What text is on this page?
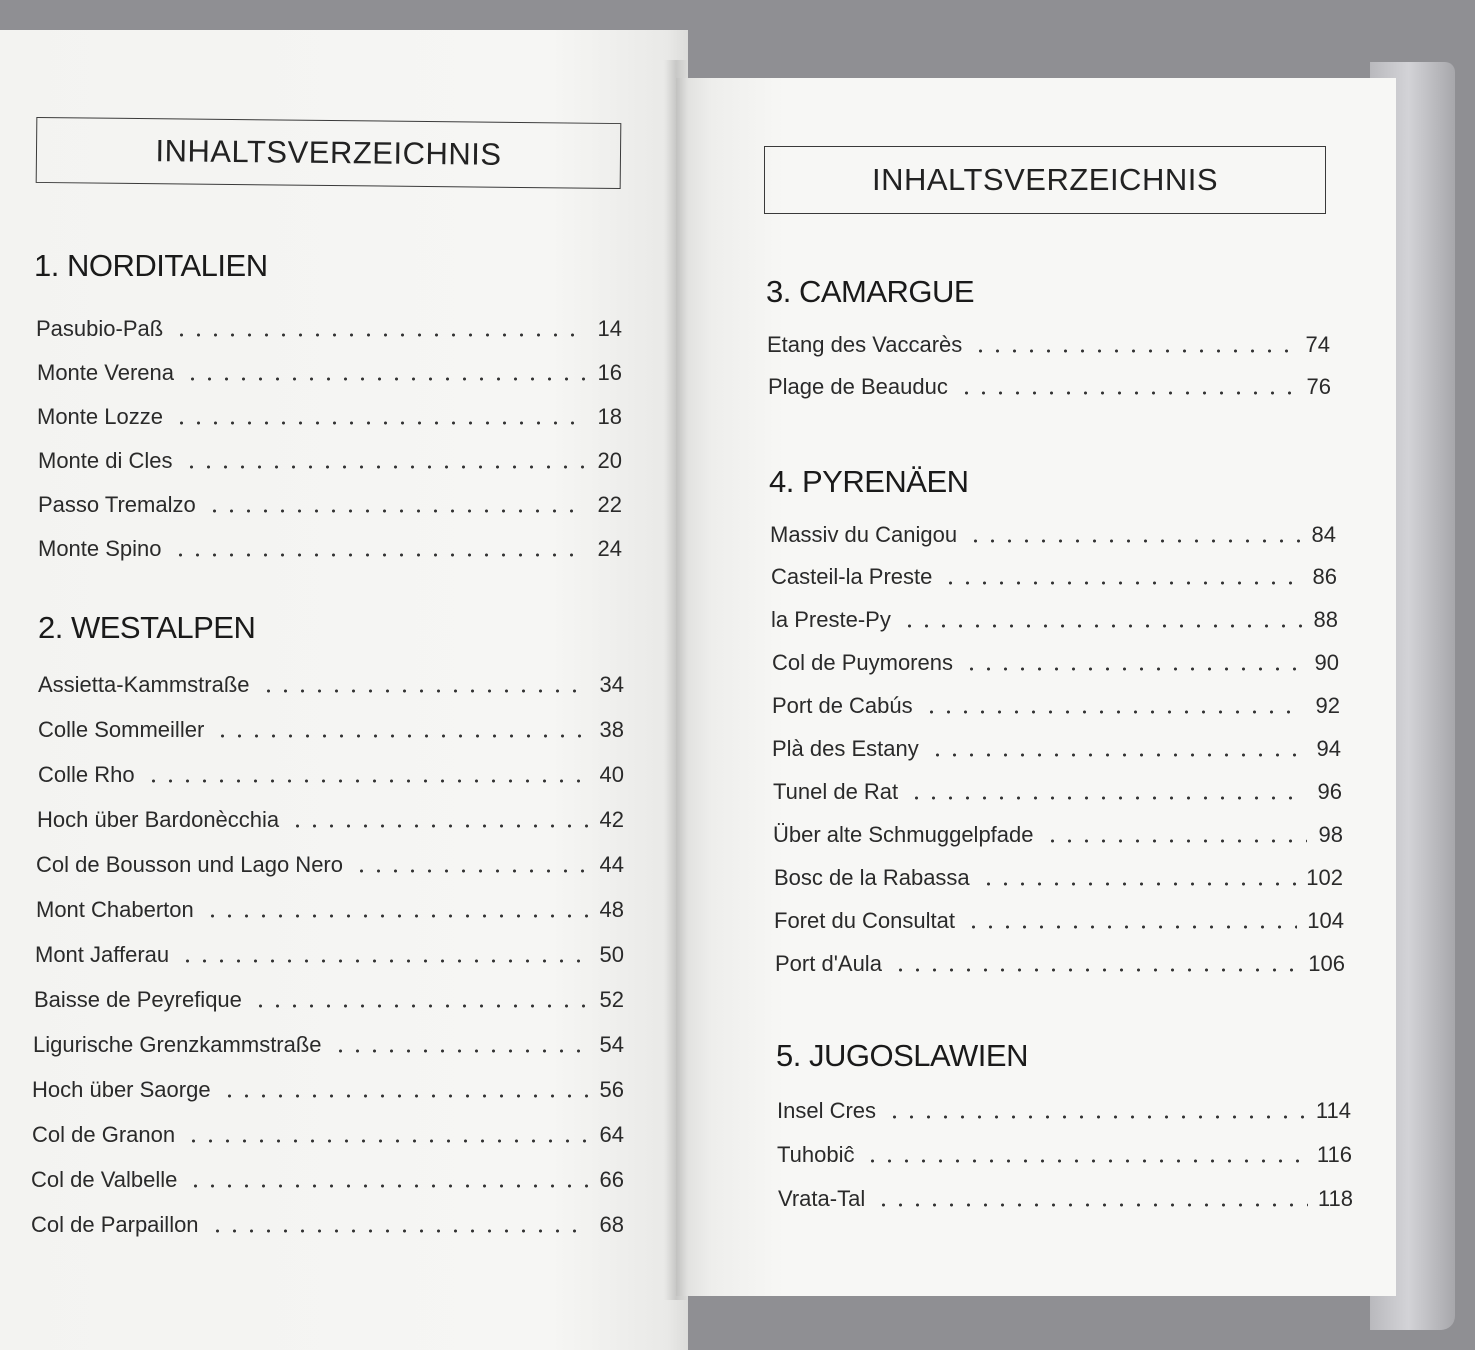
INHALTSVERZEICHNIS
1. NORDITALIEN
Pasubio-Paß	14
Monte Verena	16
Monte Lozze	18
Monte di Cles	20
Passo Tremalzo	22
Monte Spino	24
2. WESTALPEN
Assietta-Kammstraße	34
Colle Sommeiller	38
Colle Rho	40
Hoch über Bardonècchia	42
Col de Bousson und Lago Nero	44
Mont Chaberton	48
Mont Jafferau	50
Baisse de Peyrefique	52
Ligurische Grenzkammstraße	54
Hoch über Saorge	56
Col de Granon	64
Col de Valbelle	66
Col de Parpaillon	68
INHALTSVERZEICHNIS
3. CAMARGUE
Etang des Vaccarès	74
Plage de Beauduc	76
4. PYRENÄEN
Massiv du Canigou	84
Casteil-la Preste	86
la Preste-Py	88
Col de Puymorens	90
Port de Cabús	92
Plà des Estany	94
Tunel de Rat	96
Über alte Schmuggelpfade	98
Bosc de la Rabassa	102
Foret du Consultat	104
Port d'Aula	106
5. JUGOSLAWIEN
Insel Cres	114
Tuhobiĉ	116
Vrata-Tal	118
